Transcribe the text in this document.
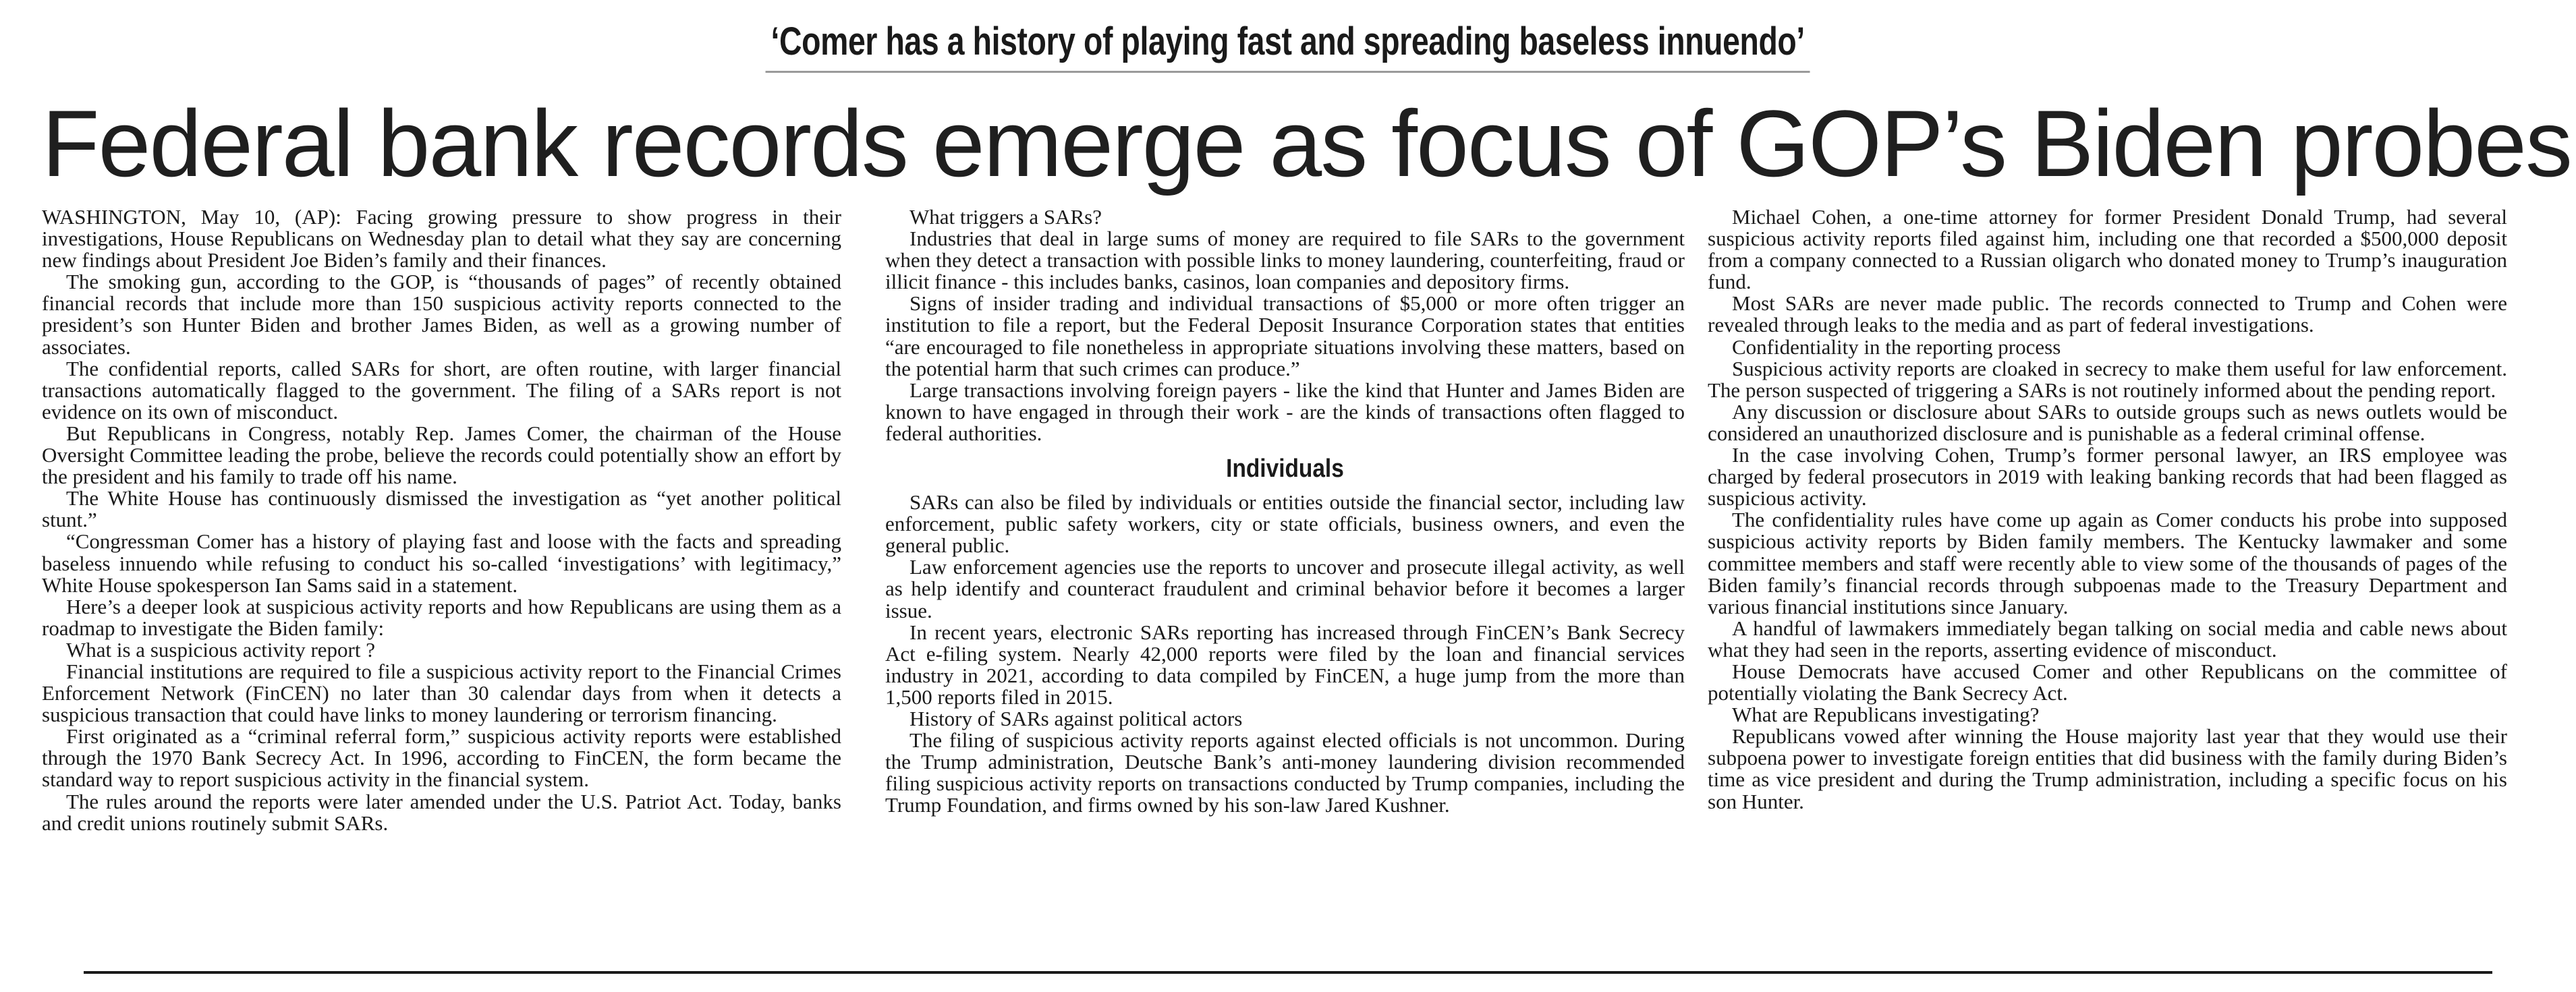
‘Comer has a history of playing fast and spreading baseless innuendo’
Federal bank records emerge as focus of GOP’s Biden probes

WASHINGTON, May 10, (AP): Facing growing pressure to show progress in their investigations, House Republicans on Wednesday plan to detail what they say are concerning new findings about President Joe Biden’s family and their finances.

The smoking gun, according to the GOP, is “thousands of pages” of recently obtained financial records that include more than 150 suspicious activity reports connected to the president’s son Hunter Biden and brother James Biden, as well as a growing number of associates.

The confidential reports, called SARs for short, are often routine, with larger financial transactions automatically flagged to the government. The filing of a SARs report is not evidence on its own of misconduct.

But Republicans in Congress, notably Rep. James Comer, the chairman of the House Oversight Committee leading the probe, believe the records could potentially show an effort by the president and his family to trade off his name.

The White House has continuously dismissed the investigation as “yet another political stunt.”

“Congressman Comer has a history of playing fast and loose with the facts and spreading baseless innuendo while refusing to conduct his so-called ‘investigations’ with legitimacy,” White House spokesperson Ian Sams said in a statement.

Here’s a deeper look at suspicious activity reports and how Republicans are using them as a roadmap to investigate the Biden family:

What is a suspicious activity report ?

Financial institutions are required to file a suspicious activity report to the Financial Crimes Enforcement Network (FinCEN) no later than 30 calendar days from when it detects a suspicious transaction that could have links to money laundering or terrorism financing.

First originated as a “criminal referral form,” suspicious activity reports were established through the 1970 Bank Secrecy Act. In 1996, according to FinCEN, the form became the standard way to report suspicious activity in the financial system.

The rules around the reports were later amended under the U.S. Patriot Act. Today, banks and credit unions routinely submit SARs.

What triggers a SARs?

Industries that deal in large sums of money are required to file SARs to the government when they detect a transaction with possible links to money laundering, counterfeiting, fraud or illicit finance - this includes banks, casinos, loan companies and depository firms.

Signs of insider trading and individual transactions of $5,000 or more often trigger an institution to file a report, but the Federal Deposit Insurance Corporation states that entities “are encouraged to file nonetheless in appropriate situations involving these matters, based on the potential harm that such crimes can produce.”

Large transactions involving foreign payers - like the kind that Hunter and James Biden are known to have engaged in through their work - are the kinds of transactions often flagged to federal authorities.

Individuals

SARs can also be filed by individuals or entities outside the financial sector, including law enforcement, public safety workers, city or state officials, business owners, and even the general public.

Law enforcement agencies use the reports to uncover and prosecute illegal activity, as well as help identify and counteract fraudulent and criminal behavior before it becomes a larger issue.

In recent years, electronic SARs reporting has increased through FinCEN’s Bank Secrecy Act e-filing system. Nearly 42,000 reports were filed by the loan and financial services industry in 2021, according to data compiled by FinCEN, a huge jump from the more than 1,500 reports filed in 2015.

History of SARs against political actors

The filing of suspicious activity reports against elected officials is not uncommon. During the Trump administration, Deutsche Bank’s anti-money laundering division recommended filing suspicious activity reports on transactions conducted by Trump companies, including the Trump Foundation, and firms owned by his son-law Jared Kushner.

Michael Cohen, a one-time attorney for former President Donald Trump, had several suspicious activity reports filed against him, including one that recorded a $500,000 deposit from a company connected to a Russian oligarch who donated money to Trump’s inauguration fund.

Most SARs are never made public. The records connected to Trump and Cohen were revealed through leaks to the media and as part of federal investigations.

Confidentiality in the reporting process

Suspicious activity reports are cloaked in secrecy to make them useful for law enforcement. The person suspected of triggering a SARs is not routinely informed about the pending report.

Any discussion or disclosure about SARs to outside groups such as news outlets would be considered an unauthorized disclosure and is punishable as a federal criminal offense.

In the case involving Cohen, Trump’s former personal lawyer, an IRS employee was charged by federal prosecutors in 2019 with leaking banking records that had been flagged as suspicious activity.

The confidentiality rules have come up again as Comer conducts his probe into supposed suspicious activity reports by Biden family members. The Kentucky lawmaker and some committee members and staff were recently able to view some of the thousands of pages of the Biden family’s financial records through subpoenas made to the Treasury Department and various financial institutions since January.

A handful of lawmakers immediately began talking on social media and cable news about what they had seen in the reports, asserting evidence of misconduct.

House Democrats have accused Comer and other Republicans on the committee of potentially violating the Bank Secrecy Act.

What are Republicans investigating?

Republicans vowed after winning the House majority last year that they would use their subpoena power to investigate foreign entities that did business with the family during Biden’s time as vice president and during the Trump administration, including a specific focus on his son Hunter.
